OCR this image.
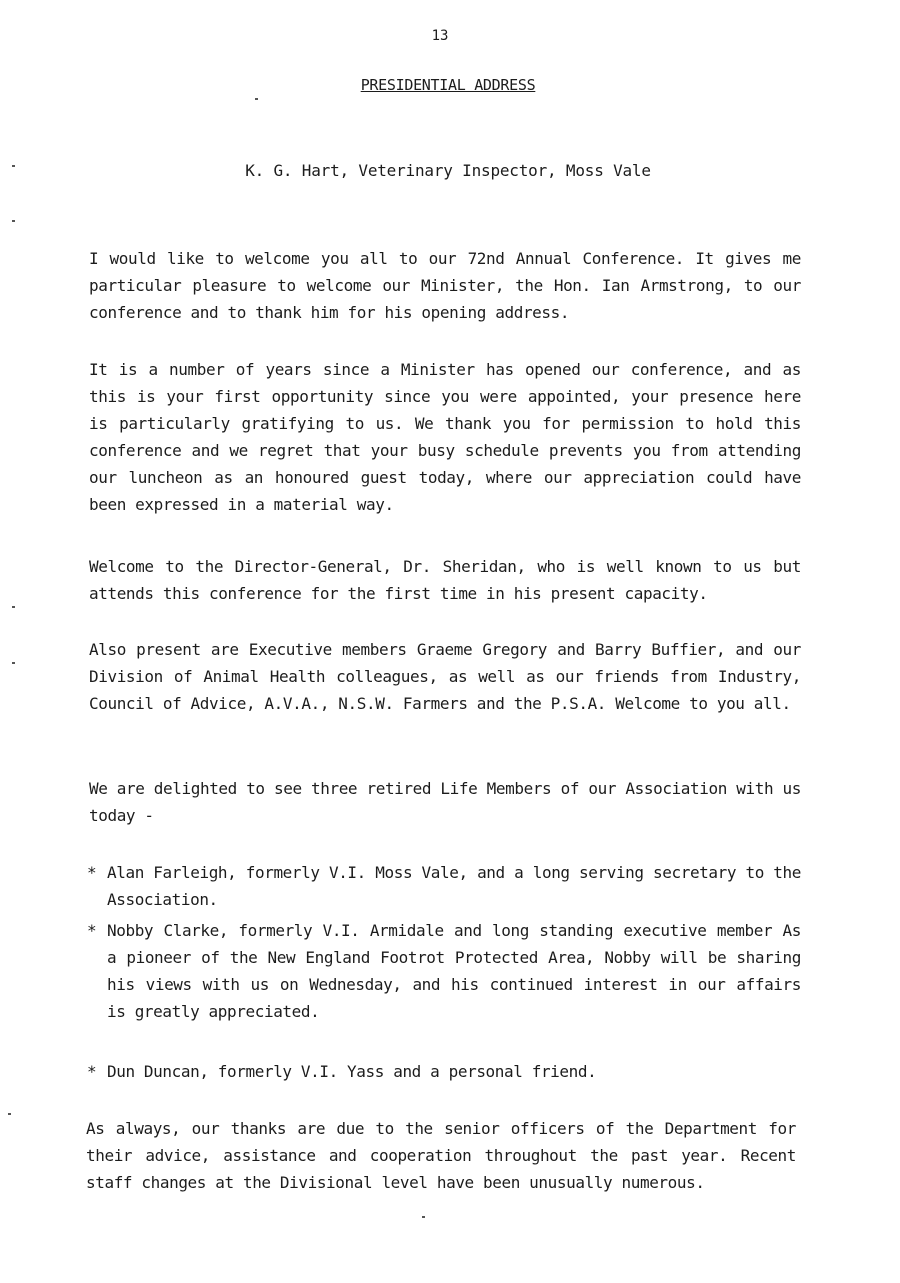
13
PRESIDENTIAL ADDRESS
K. G. Hart, Veterinary Inspector, Moss Vale
I would like to welcome you all to our 72nd Annual Conference. It gives me particular pleasure to welcome our Minister, the Hon. Ian Armstrong, to our conference and to thank him for his opening address.
It is a number of years since a Minister has opened our conference, and as this is your first opportunity since you were appointed, your presence here is particularly gratifying to us. We thank you for permission to hold this conference and we regret that your busy schedule prevents you from attending our luncheon as an honoured guest today, where our appreciation could have been expressed in a material way.
Welcome to the Director-General, Dr. Sheridan, who is well known to us but attends this conference for the first time in his present capacity.
Also present are Executive members Graeme Gregory and Barry Buffier, and our Division of Animal Health colleagues, as well as our friends from Industry, Council of Advice, A.V.A., N.S.W. Farmers and the P.S.A. Welcome to you all.
We are delighted to see three retired Life Members of our Association with us today -
* Alan Farleigh, formerly V.I. Moss Vale, and a long serving secretary to the Association.
* Nobby Clarke, formerly V.I. Armidale and long standing executive member As a pioneer of the New England Footrot Protected Area, Nobby will be sharing his views with us on Wednesday, and his continued interest in our affairs is greatly appreciated.
* Dun Duncan, formerly V.I. Yass and a personal friend.
As always, our thanks are due to the senior officers of the Department for their advice, assistance and cooperation throughout the past year. Recent staff changes at the Divisional level have been unusually numerous.
